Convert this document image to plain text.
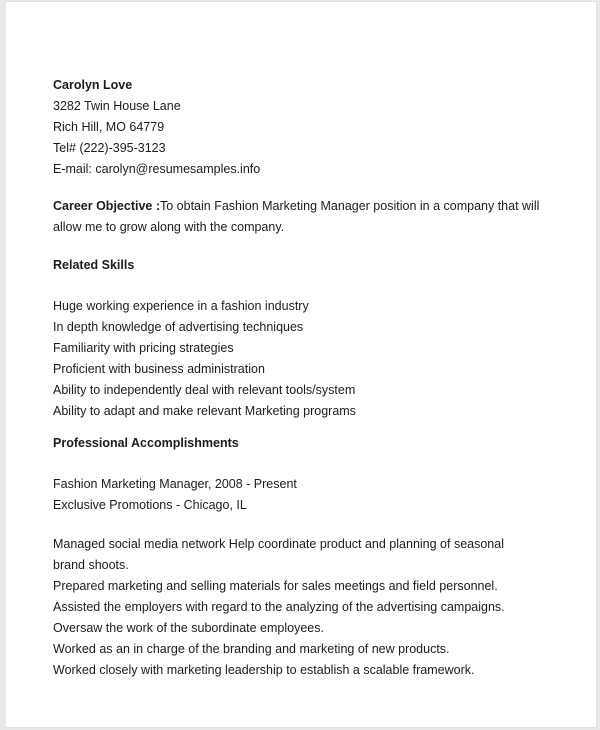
Carolyn Love
3282 Twin House Lane
Rich Hill, MO 64779
Tel# (222)-395-3123
E-mail: carolyn@resumesamples.info
Career Objective :To obtain Fashion Marketing Manager position in a company that will allow me to grow along with the company.
Related Skills
Huge working experience in a fashion industry
In depth knowledge of advertising techniques
Familiarity with pricing strategies
Proficient with business administration
Ability to independently deal with relevant tools/system
Ability to adapt and make relevant Marketing programs
Professional Accomplishments
Fashion Marketing Manager, 2008 - Present
Exclusive Promotions - Chicago, IL
Managed social media network Help coordinate product and planning of seasonal brand shoots.
Prepared marketing and selling materials for sales meetings and field personnel.
Assisted the employers with regard to the analyzing of the advertising campaigns.
Oversaw the work of the subordinate employees.
Worked as an in charge of the branding and marketing of new products.
Worked closely with marketing leadership to establish a scalable framework.
